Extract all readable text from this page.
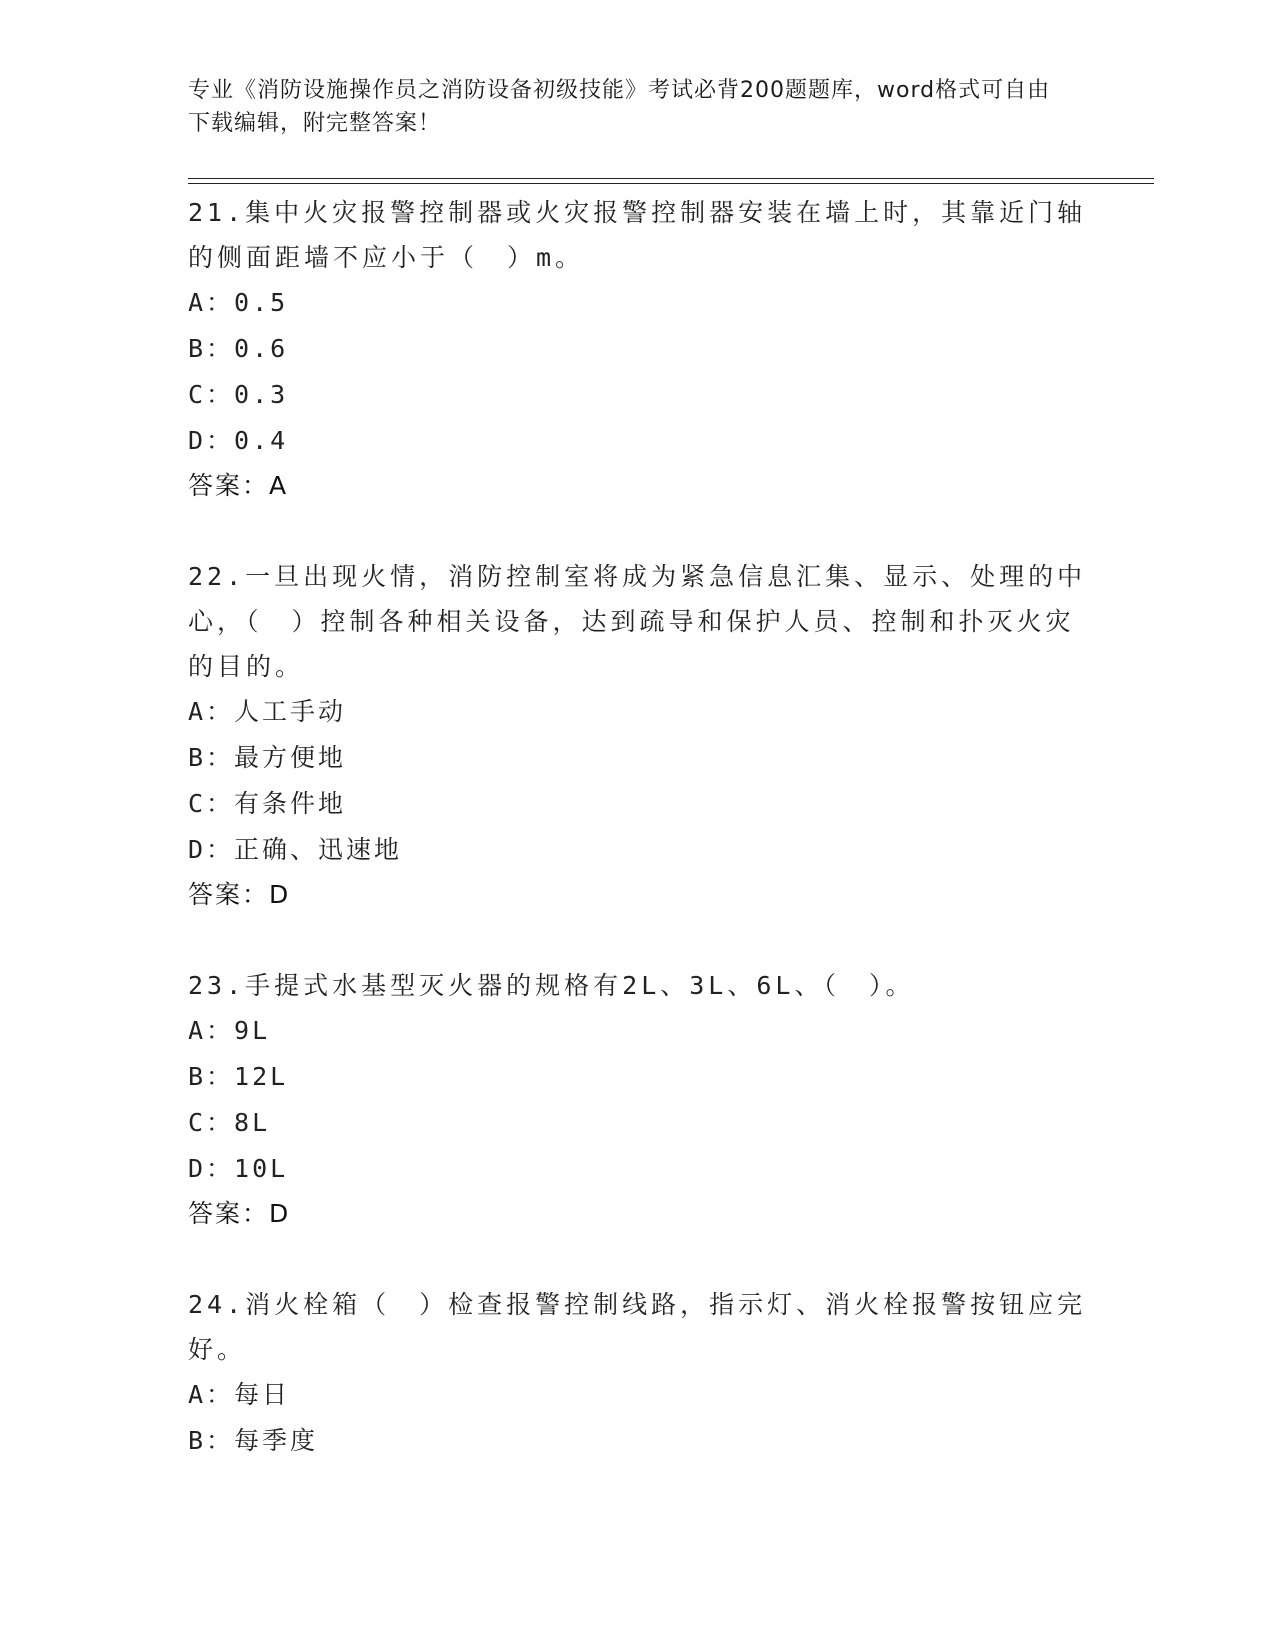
专业《消防设施操作员之消防设备初级技能》考试必背200题题库，word格式可自由下载编辑，附完整答案！

21.集中火灾报警控制器或火灾报警控制器安装在墙上时，其靠近门轴的侧面距墙不应小于（　）m。

A：0.5

B：0.6

C：0.3

D：0.4

答案：A

22.一旦出现火情，消防控制室将成为紧急信息汇集、显示、处理的中心，（　）控制各种相关设备，达到疏导和保护人员、控制和扑灭火灾的目的。

A：人工手动

B：最方便地

C：有条件地

D：正确、迅速地

答案：D

23.手提式水基型灭火器的规格有2L、3L、6L、（　）。

A：9L

B：12L

C：8L

D：10L

答案：D

24.消火栓箱（　）检查报警控制线路，指示灯、消火栓报警按钮应完好。

A：每日

B：每季度
